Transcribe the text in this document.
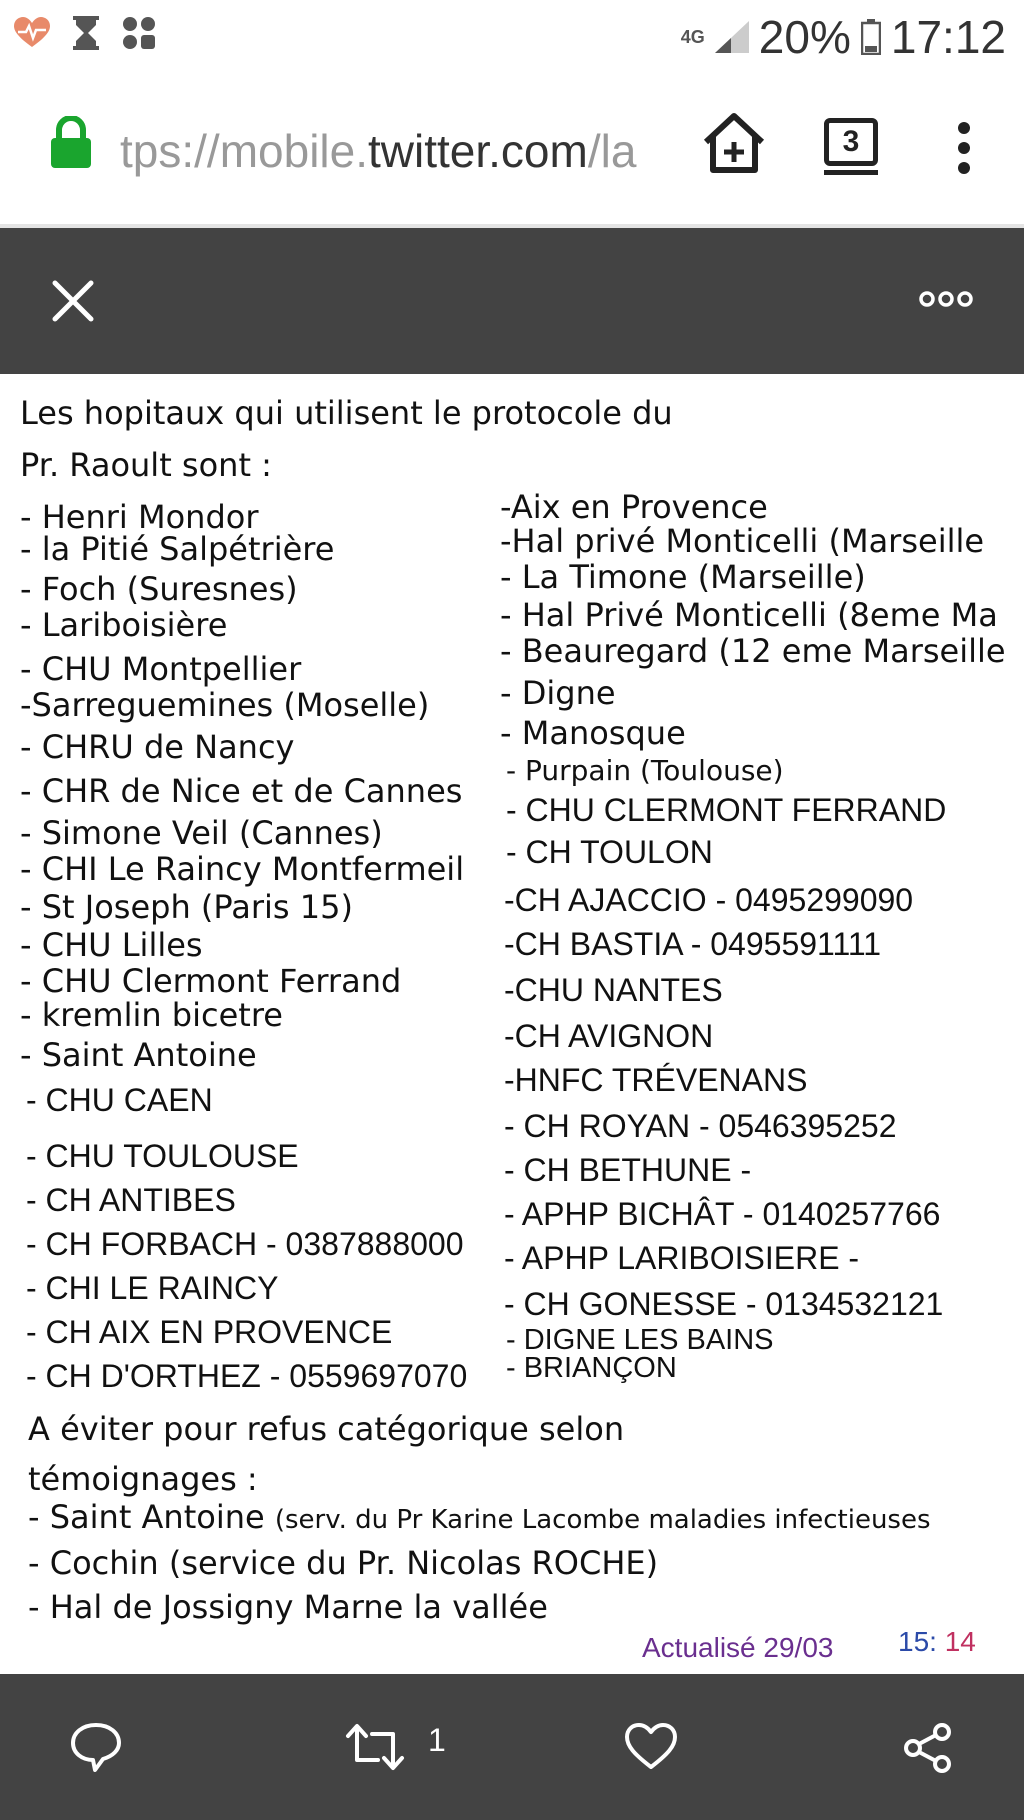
4G 20% 17:12
tps://mobile.twitter.com/la	3
Les hopitaux qui utilisent le protocole du
Pr. Raoult sont :
- Henri Mondor
- la Pitié Salpétrière
- Foch (Suresnes)
- Lariboisière
- CHU Montpellier
-Sarreguemines (Moselle)
- CHRU de Nancy
- CHR de Nice et de Cannes
- Simone Veil (Cannes)
- CHI Le Raincy Montfermeil
- St Joseph (Paris 15)
- CHU Lilles
- CHU Clermont Ferrand
- kremlin bicetre
- Saint Antoine
- CHU CAEN
- CHU TOULOUSE
- CH ANTIBES
- CH FORBACH - 0387888000
- CHI LE RAINCY
- CH AIX EN PROVENCE
- CH D'ORTHEZ - 0559697070
-Aix en Provence
-Hal privé Monticelli (Marseille
- La Timone (Marseille)
- Hal Privé Monticelli (8eme Ma
- Beauregard (12 eme Marseille
- Digne
- Manosque
- Purpain (Toulouse)
- CHU CLERMONT FERRAND
- CH TOULON
-CH AJACCIO - 0495299090
-CH BASTIA - 0495591111
-CHU NANTES
-CH AVIGNON
-HNFC TRÉVENANS
- CH ROYAN - 0546395252
- CH BETHUNE -
- APHP BICHÂT - 0140257766
- APHP LARIBOISIERE -
- CH GONESSE - 0134532121
- DIGNE LES BAINS
- BRIANÇON
A éviter pour refus catégorique selon
témoignages :
- Saint Antoine (serv. du Pr Karine Lacombe maladies infectieuses
- Cochin (service du Pr. Nicolas ROCHE)
- Hal de Jossigny Marne la vallée
Actualisé 29/03 15: 14
1
